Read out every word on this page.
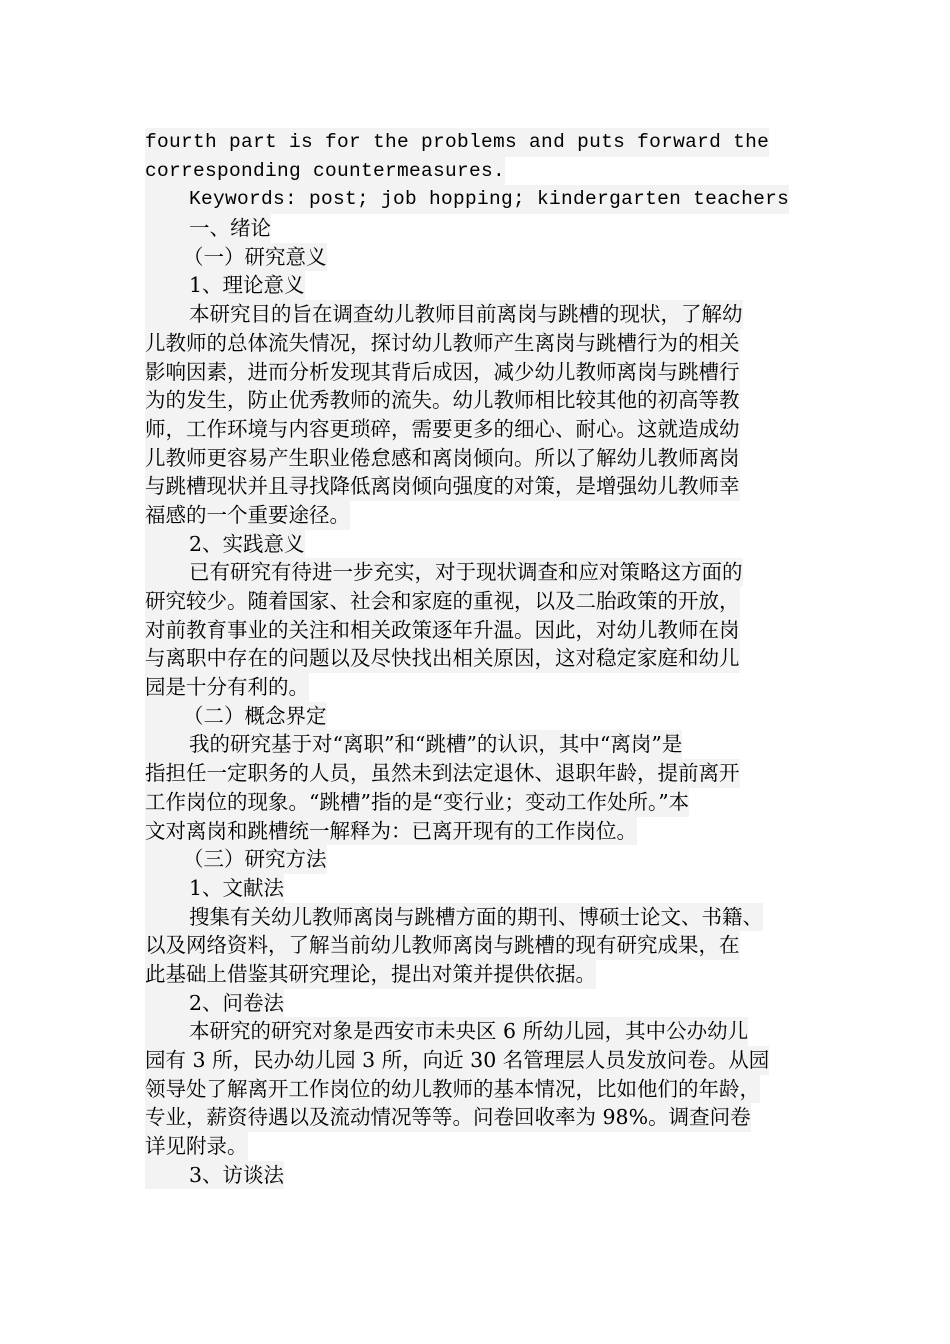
fourth part is for the problems and puts forward the
corresponding countermeasures.
Keywords: post; job hopping; kindergarten teachers
一、绪论
（一）研究意义
1、理论意义
本研究目的旨在调查幼儿教师目前离岗与跳槽的现状，了解幼
儿教师的总体流失情况，探讨幼儿教师产生离岗与跳槽行为的相关
影响因素，进而分析发现其背后成因，减少幼儿教师离岗与跳槽行
为的发生，防止优秀教师的流失。幼儿教师相比较其他的初高等教
师，工作环境与内容更琐碎，需要更多的细心、耐心。这就造成幼
儿教师更容易产生职业倦怠感和离岗倾向。所以了解幼儿教师离岗
与跳槽现状并且寻找降低离岗倾向强度的对策，是增强幼儿教师幸
福感的一个重要途径。
2、实践意义
已有研究有待进一步充实，对于现状调查和应对策略这方面的
研究较少。随着国家、社会和家庭的重视，以及二胎政策的开放，
对前教育事业的关注和相关政策逐年升温。因此，对幼儿教师在岗
与离职中存在的问题以及尽快找出相关原因，这对稳定家庭和幼儿
园是十分有利的。
（二）概念界定
我的研究基于对“离职”和“跳槽”的认识，其中“离岗”是
指担任一定职务的人员，虽然未到法定退休、退职年龄，提前离开
工作岗位的现象。“跳槽”指的是“变行业；变动工作处所。”本
文对离岗和跳槽统一解释为：已离开现有的工作岗位。
（三）研究方法
1、文献法
搜集有关幼儿教师离岗与跳槽方面的期刊、博硕士论文、书籍、
以及网络资料，了解当前幼儿教师离岗与跳槽的现有研究成果，在
此基础上借鉴其研究理论，提出对策并提供依据。
2、问卷法
本研究的研究对象是西安市未央区 6 所幼儿园，其中公办幼儿
园有 3 所，民办幼儿园 3 所，向近 30 名管理层人员发放问卷。从园
领导处了解离开工作岗位的幼儿教师的基本情况，比如他们的年龄，
专业，薪资待遇以及流动情况等等。问卷回收率为 98%。调查问卷
详见附录。
3、访谈法
